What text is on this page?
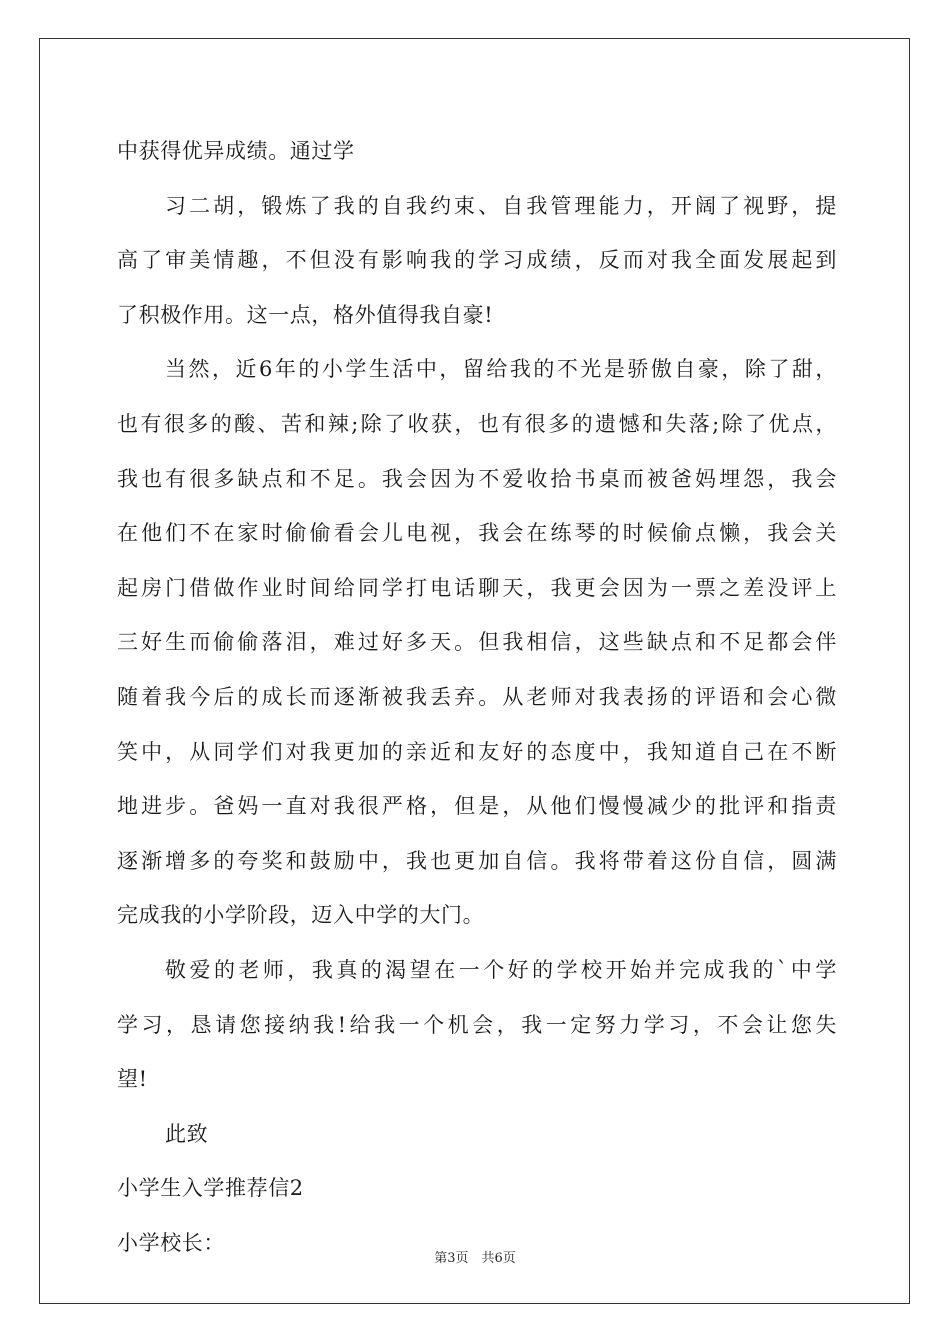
中获得优异成绩。通过学
习二胡，锻炼了我的自我约束、自我管理能力，开阔了视野，提
高了审美情趣，不但没有影响我的学习成绩，反而对我全面发展起到
了积极作用。这一点，格外值得我自豪!
当然，近6年的小学生活中，留给我的不光是骄傲自豪，除了甜，
也有很多的酸、苦和辣;除了收获，也有很多的遗憾和失落;除了优点，
我也有很多缺点和不足。我会因为不爱收拾书桌而被爸妈埋怨，我会
在他们不在家时偷偷看会儿电视，我会在练琴的时候偷点懒，我会关
起房门借做作业时间给同学打电话聊天，我更会因为一票之差没评上
三好生而偷偷落泪，难过好多天。但我相信，这些缺点和不足都会伴
随着我今后的成长而逐渐被我丢弃。从老师对我表扬的评语和会心微
笑中，从同学们对我更加的亲近和友好的态度中，我知道自己在不断
地进步。爸妈一直对我很严格，但是，从他们慢慢减少的批评和指责
逐渐增多的夸奖和鼓励中，我也更加自信。我将带着这份自信，圆满
完成我的小学阶段，迈入中学的大门。
敬爱的老师，我真的渴望在一个好的学校开始并完成我的`中学
学习，恳请您接纳我!给我一个机会，我一定努力学习，不会让您失
望!
此致
小学生入学推荐信2
小学校长：
第3页　共6页
